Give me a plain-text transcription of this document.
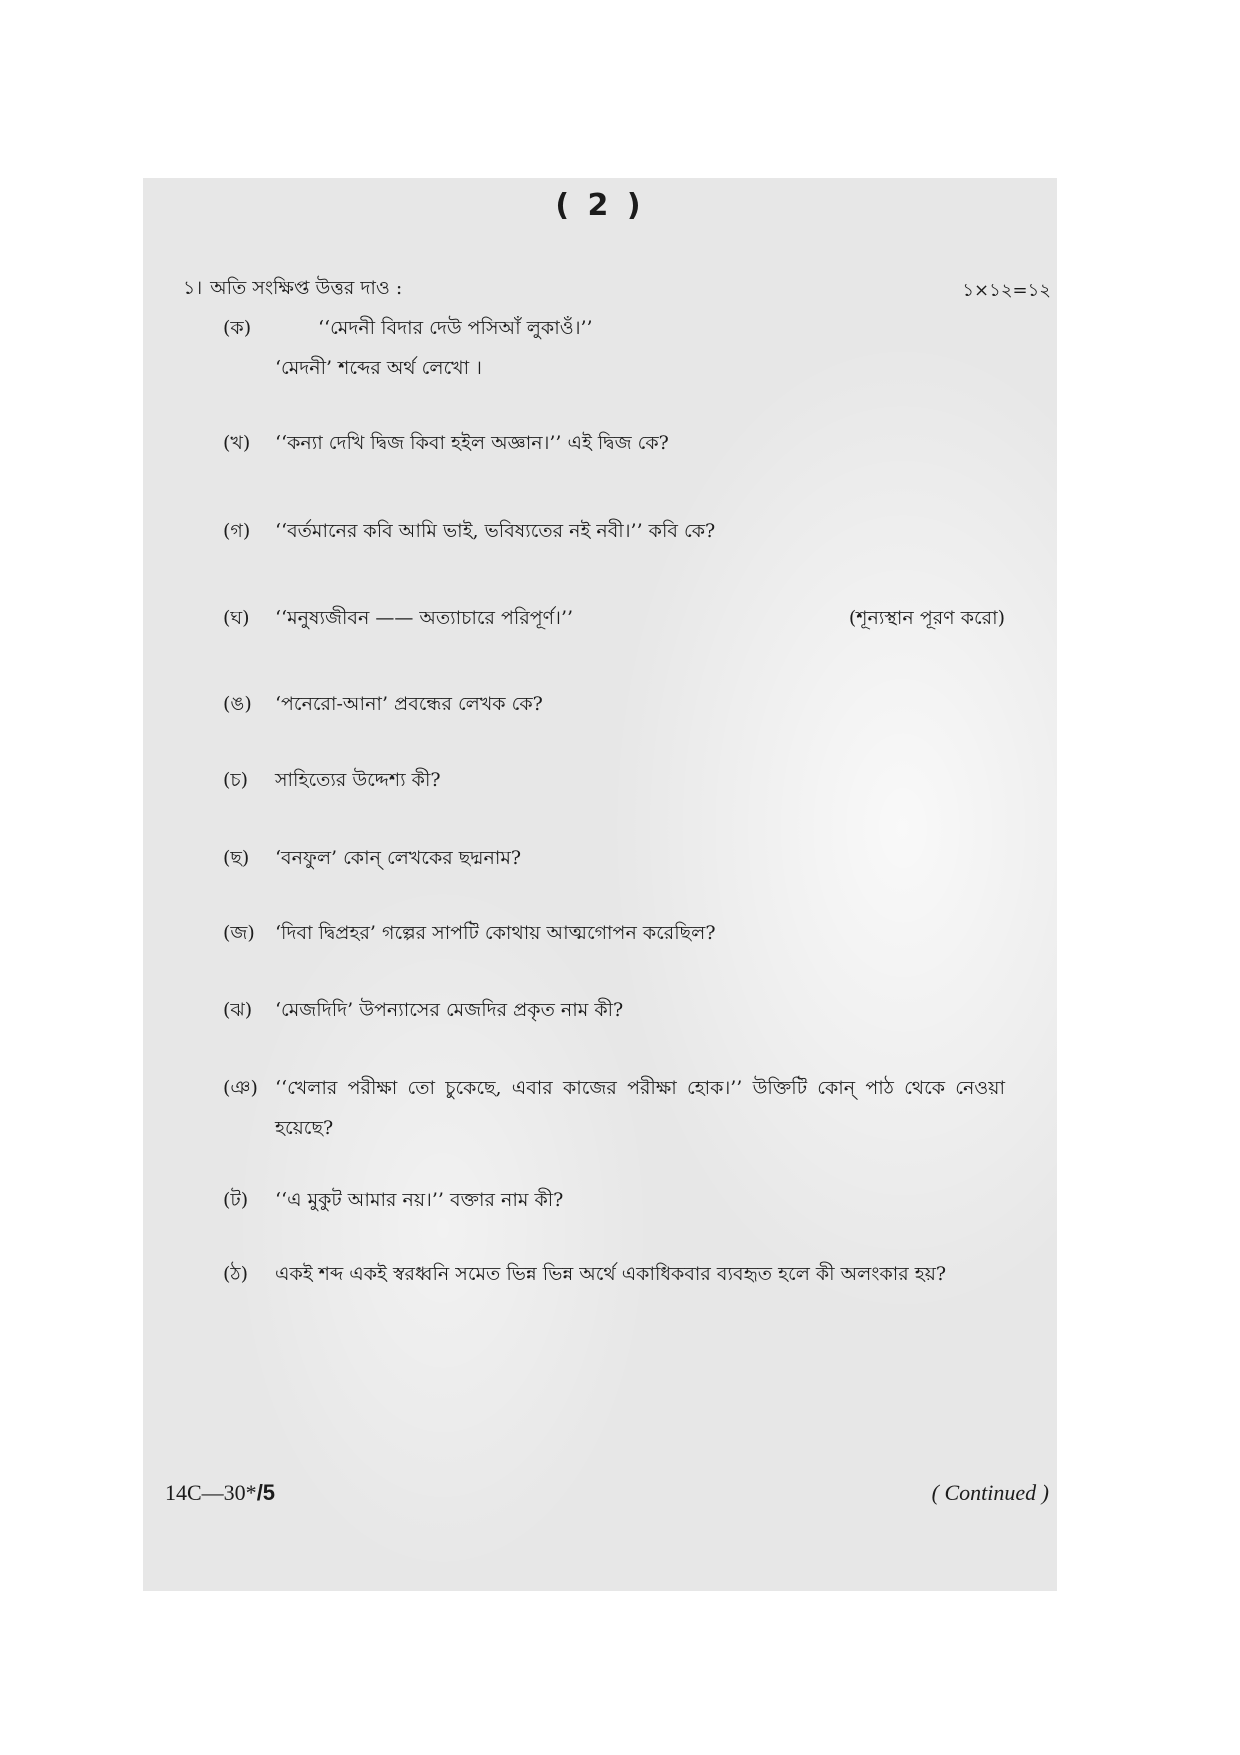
( 2 )
১। অতি সংক্ষিপ্ত উত্তর দাও :	১×১২=১২
(ক)	‘‘মেদনী বিদার দেউ পসিআঁ লুকাওঁ।’’
‘মেদনী’ শব্দের অর্থ লেখো ।
(খ)	‘‘কন্যা দেখি দ্বিজ কিবা হইল অজ্ঞান।’’ এই দ্বিজ কে?
(গ)	‘‘বর্তমানের কবি আমি ভাই, ভবিষ্যতের নই নবী।’’ কবি কে?
(ঘ)	‘‘মনুষ্যজীবন —— অত্যাচারে পরিপূর্ণ।’’	(শূন্যস্থান পূরণ করো)
(ঙ)	‘পনেরো-আনা’ প্রবন্ধের লেখক কে?
(চ)	সাহিত্যের উদ্দেশ্য কী?
(ছ)	‘বনফুল’ কোন্ লেখকের ছদ্মনাম?
(জ)	‘দিবা দ্বিপ্রহর’ গল্পের সাপটি কোথায় আত্মগোপন করেছিল?
(ঝ)	‘মেজদিদি’ উপন্যাসের মেজদির প্রকৃত নাম কী?
(ঞ) ‘‘খেলার পরীক্ষা তো চুকেছে, এবার কাজের পরীক্ষা হোক।’’ উক্তিটি কোন্ পাঠ থেকে নেওয়া হয়েছে?
(ট)	‘‘এ মুকুট আমার নয়।’’ বক্তার নাম কী?
(ঠ)	একই শব্দ একই স্বরধ্বনি সমেত ভিন্ন ভিন্ন অর্থে একাধিকবার ব্যবহৃত হলে কী অলংকার হয়?
14C—30*/5	( Continued )
